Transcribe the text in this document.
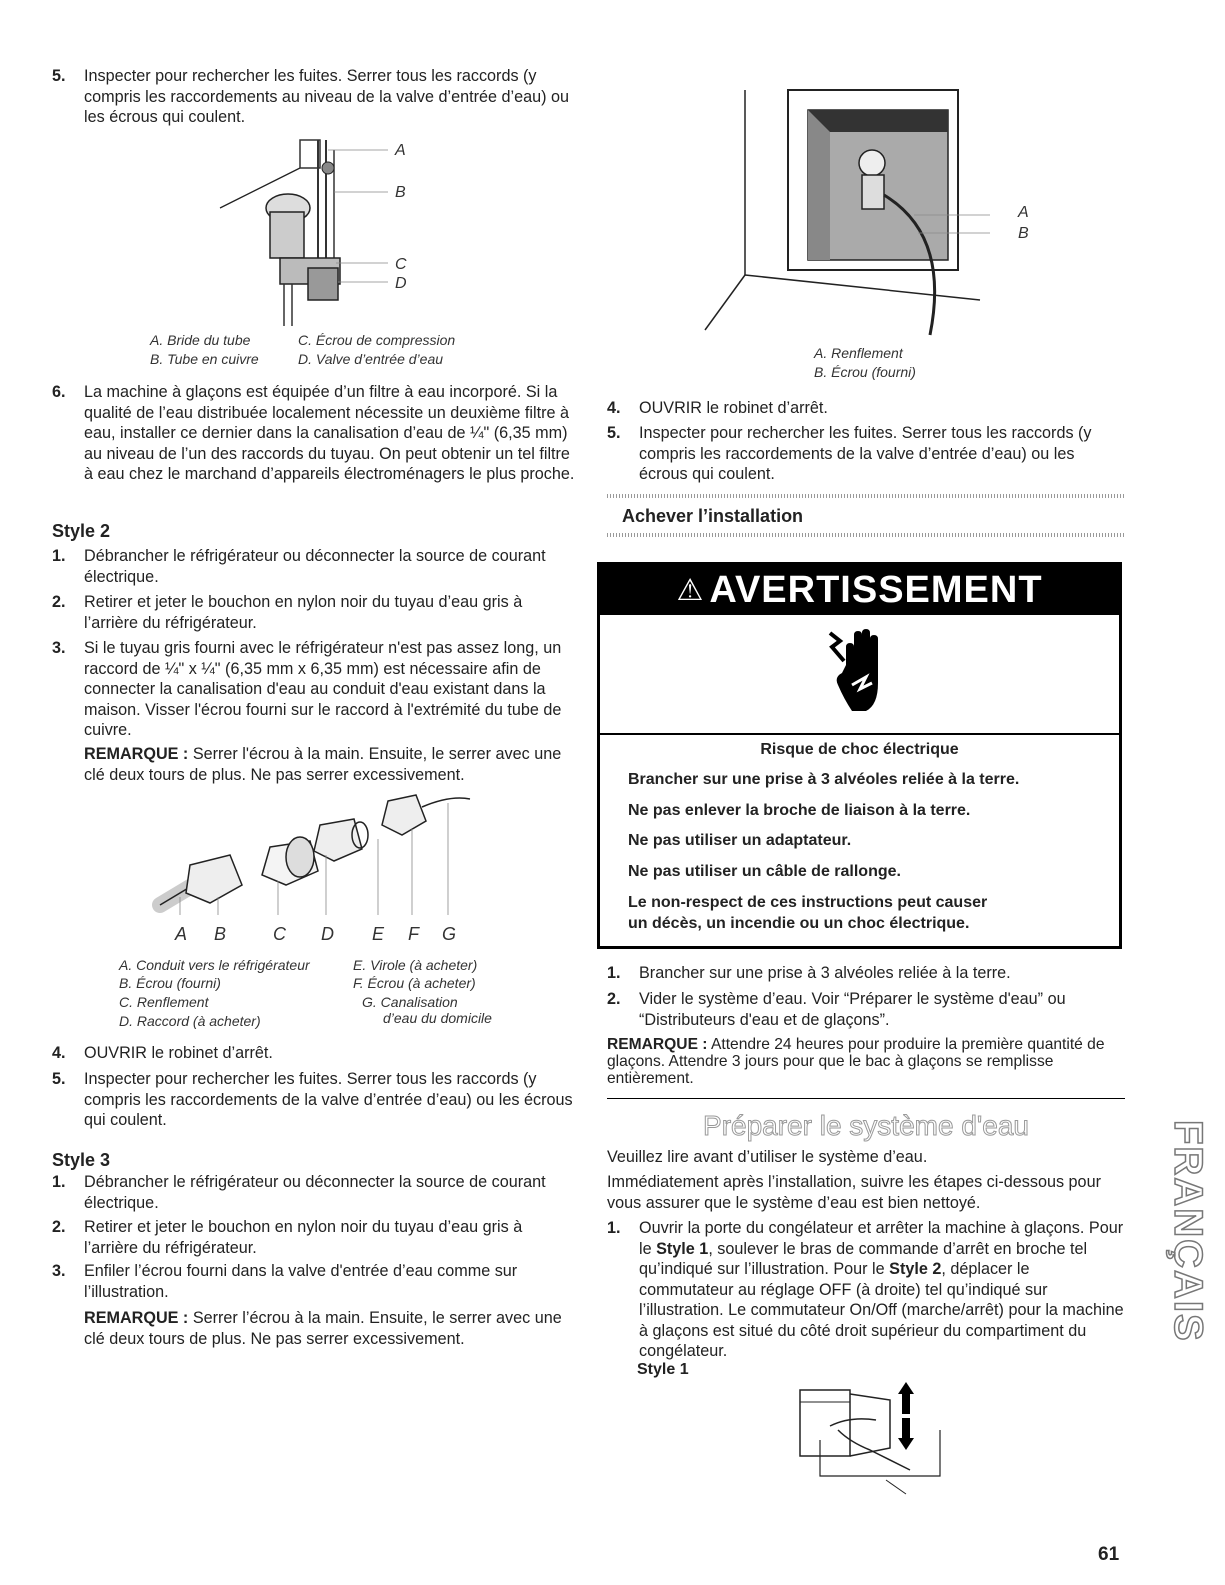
5. Inspecter pour rechercher les fuites. Serrer tous les raccords (y compris les raccordements au niveau de la valve d’entrée d’eau) ou les écrous qui coulent.
A
B
C
D
A. Bride du tube
B. Tube en cuivre
C. Écrou de compression
D. Valve d’entrée d’eau
6. La machine à glaçons est équipée d’un filtre à eau incorporé. Si la qualité de l’eau distribuée localement nécessite un deuxième filtre à eau, installer ce dernier dans la canalisation d’eau de ¼" (6,35 mm) au niveau de l’un des raccords du tuyau. On peut obtenir un tel filtre à eau chez le marchand d’appareils électroménagers le plus proche.
Style 2
1. Débrancher le réfrigérateur ou déconnecter la source de courant électrique.
2. Retirer et jeter le bouchon en nylon noir du tuyau d’eau gris à l’arrière du réfrigérateur.
3. Si le tuyau gris fourni avec le réfrigérateur n'est pas assez long, un raccord de ¼" x ¼" (6,35 mm x 6,35 mm) est nécessaire afin de connecter la canalisation d'eau au conduit d'eau existant dans la maison. Visser l'écrou fourni sur le raccord à l'extrémité du tube de cuivre.
REMARQUE : Serrer l'écrou à la main. Ensuite, le serrer avec une clé deux tours de plus. Ne pas serrer excessivement.
A B	C D E F G
A. Conduit vers le réfrigérateur
B. Écrou (fourni)
C. Renflement
D. Raccord (à acheter)
E. Virole (à acheter)
F. Écrou (à acheter)
G. Canalisation
d’eau du domicile
4. OUVRIR le robinet d’arrêt.
5. Inspecter pour rechercher les fuites. Serrer tous les raccords (y compris les raccordements de la valve d’entrée d’eau) ou les écrous qui coulent.
Style 3
1. Débrancher le réfrigérateur ou déconnecter la source de courant électrique.
2. Retirer et jeter le bouchon en nylon noir du tuyau d’eau gris à l’arrière du réfrigérateur.
3. Enfiler l’écrou fourni dans la valve d'entrée d’eau comme sur l’illustration.
REMARQUE : Serrer l’écrou à la main. Ensuite, le serrer avec une clé deux tours de plus. Ne pas serrer excessivement.
A
B
A. Renflement
B. Écrou (fourni)
4. OUVRIR le robinet d’arrêt.
5. Inspecter pour rechercher les fuites. Serrer tous les raccords (y compris les raccordements de la valve d’entrée d’eau) ou les écrous qui coulent.
Achever l’installation
⚠ AVERTISSEMENT
Risque de choc électrique
Brancher sur une prise à 3 alvéoles reliée à la terre.
Ne pas enlever la broche de liaison à la terre.
Ne pas utiliser un adaptateur.
Ne pas utiliser un câble de rallonge.
Le non-respect de ces instructions peut causer
un décès, un incendie ou un choc électrique.
1. Brancher sur une prise à 3 alvéoles reliée à la terre.
2. Vider le système d’eau. Voir “Préparer le système d'eau” ou “Distributeurs d'eau et de glaçons”.
REMARQUE : Attendre 24 heures pour produire la première quantité de glaçons. Attendre 3 jours pour que le bac à glaçons se remplisse entièrement.
Préparer le système d'eau
Veuillez lire avant d’utiliser le système d’eau.
Immédiatement après l’installation, suivre les étapes ci-dessous pour vous assurer que le système d’eau est bien nettoyé.
1. Ouvrir la porte du congélateur et arrêter la machine à glaçons. Pour le Style 1, soulever le bras de commande d’arrêt en broche tel qu’indiqué sur l’illustration. Pour le Style 2, déplacer le commutateur au réglage OFF (à droite) tel qu’indiqué sur l’illustration. Le commutateur On/Off (marche/arrêt) pour la machine à glaçons est situé du côté droit supérieur du compartiment du congélateur.
Style 1
FRANÇAIS
61
